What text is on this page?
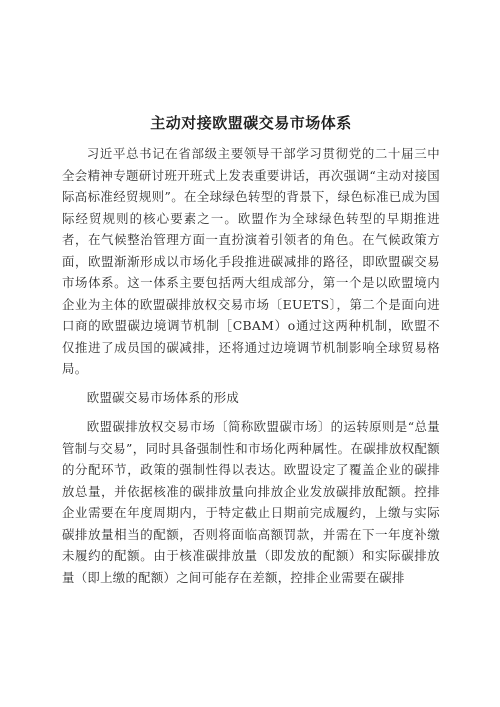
主动对接欧盟碳交易市场体系

习近平总书记在省部级主要领导干部学习贯彻党的二十届三中全会精神专题研讨班开班式上发表重要讲话，再次强调“主动对接国际高标准经贸规则”。在全球绿色转型的背景下，绿色标准已成为国际经贸规则的核心要素之一。欧盟作为全球绿色转型的早期推进者，在气候整治管理方面一直扮演着引领者的角色。在气候政策方面，欧盟渐渐形成以市场化手段推进碳减排的路径，即欧盟碳交易市场体系。这一体系主要包括两大组成部分，第一个是以欧盟境内企业为主体的欧盟碳排放权交易市场〔EUETS〕，第二个是面向进口商的欧盟碳边境调节机制［CBAM）o通过这两种机制，欧盟不仅推进了成员国的碳减排，还将通过边境调节机制影响全球贸易格局。

欧盟碳交易市场体系的形成

欧盟碳排放权交易市场〔简称欧盟碳市场〕的运转原则是“总量管制与交易”，同时具备强制性和市场化两种属性。在碳排放权配额的分配环节，政策的强制性得以表达。欧盟设定了覆盖企业的碳排放总量，并依据核准的碳排放量向排放企业发放碳排放配额。控排企业需要在年度周期内，于特定截止日期前完成履约，上缴与实际碳排放量相当的配额，否则将面临高额罚款，并需在下一年度补缴未履约的配额。由于核准碳排放量（即发放的配额）和实际碳排放量（即上缴的配额）之间可能存在差额，控排企业需要在碳排
